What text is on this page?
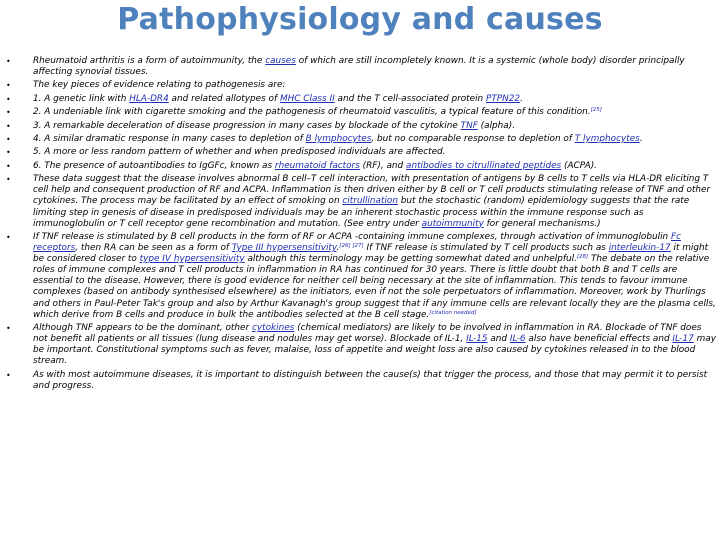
Pathophysiology and causes
•	Rheumatoid arthritis is a form of autoimmunity, the causes of which are still incompletely known. It is a systemic (whole body) disorder principally affecting synovial tissues.
•	The key pieces of evidence relating to pathogenesis are:
•	1. A genetic link with HLA-DR4 and related allotypes of MHC Class II and the T cell-associated protein PTPN22.
•	2. A undeniable link with cigarette smoking and the pathogenesis of rheumatoid vasculitis, a typical feature of this condition.[25]
•	3. A remarkable deceleration of disease progression in many cases by blockade of the cytokine TNF (alpha).
•	4. A similar dramatic response in many cases to depletion of B lymphocytes, but no comparable response to depletion of T lymphocytes.
•	5. A more or less random pattern of whether and when predisposed individuals are affected.
•	6. The presence of autoantibodies to IgGFc, known as rheumatoid factors (RF), and antibodies to citrullinated peptides (ACPA).
•	These data suggest that the disease involves abnormal B cell–T cell interaction, with presentation of antigens by B cells to T cells via HLA-DR eliciting T cell help and consequent production of RF and ACPA. Inflammation is then driven either by B cell or T cell products stimulating release of TNF and other cytokines. The process may be facilitated by an effect of smoking on citrullination but the stochastic (random) epidemiology suggests that the rate limiting step in genesis of disease in predisposed individuals may be an inherent stochastic process within the immune response such as immunoglobulin or T cell receptor gene recombination and mutation. (See entry under autoimmunity for general mechanisms.)
•	If TNF release is stimulated by B cell products in the form of RF or ACPA -containing immune complexes, through activation of immunoglobulin Fc receptors, then RA can be seen as a form of Type III hypersensitivity.[26] [27] If TNF release is stimulated by T cell products such as interleukin-17 it might be considered closer to type IV hypersensitivity although this terminology may be getting somewhat dated and unhelpful.[28] The debate on the relative roles of immune complexes and T cell products in inflammation in RA has continued for 30 years. There is little doubt that both B and T cells are essential to the disease. However, there is good evidence for neither cell being necessary at the site of inflammation. This tends to favour immune complexes (based on antibody synthesised elsewhere) as the initiators, even if not the sole perpetuators of inflammation. Moreover, work by Thurlings and others in Paul-Peter Tak's group and also by Arthur Kavanagh's group suggest that if any immune cells are relevant locally they are the plasma cells, which derive from B cells and produce in bulk the antibodies selected at the B cell stage.[citation needed]
•	Although TNF appears to be the dominant, other cytokines (chemical mediators) are likely to be involved in inflammation in RA. Blockade of TNF does not benefit all patients or all tissues (lung disease and nodules may get worse). Blockade of IL-1, IL-15 and IL-6 also have beneficial effects and IL-17 may be important. Constitutional symptoms such as fever, malaise, loss of appetite and weight loss are also caused by cytokines released in to the blood stream.
•	As with most autoimmune diseases, it is important to distinguish between the cause(s) that trigger the process, and those that may permit it to persist and progress.
